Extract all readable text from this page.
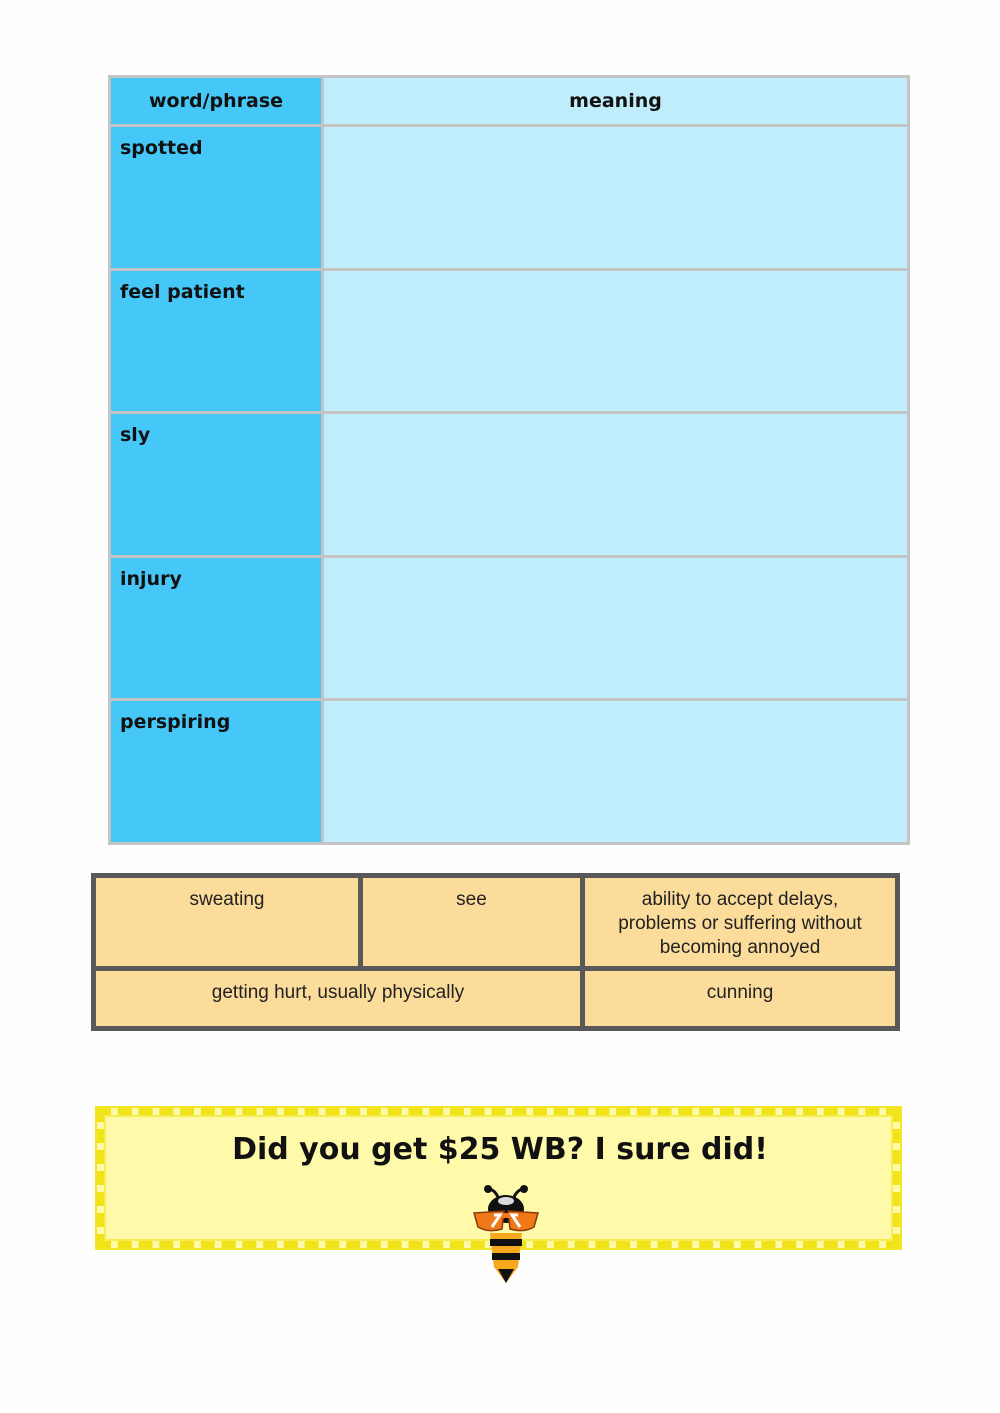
word/phrase	meaning
spotted
feel patient
sly
injury
perspiring
sweating	see	ability to accept delays, problems or suffering without becoming annoyed
getting hurt, usually physically	cunning
Did you get $25 WB? I sure did!
